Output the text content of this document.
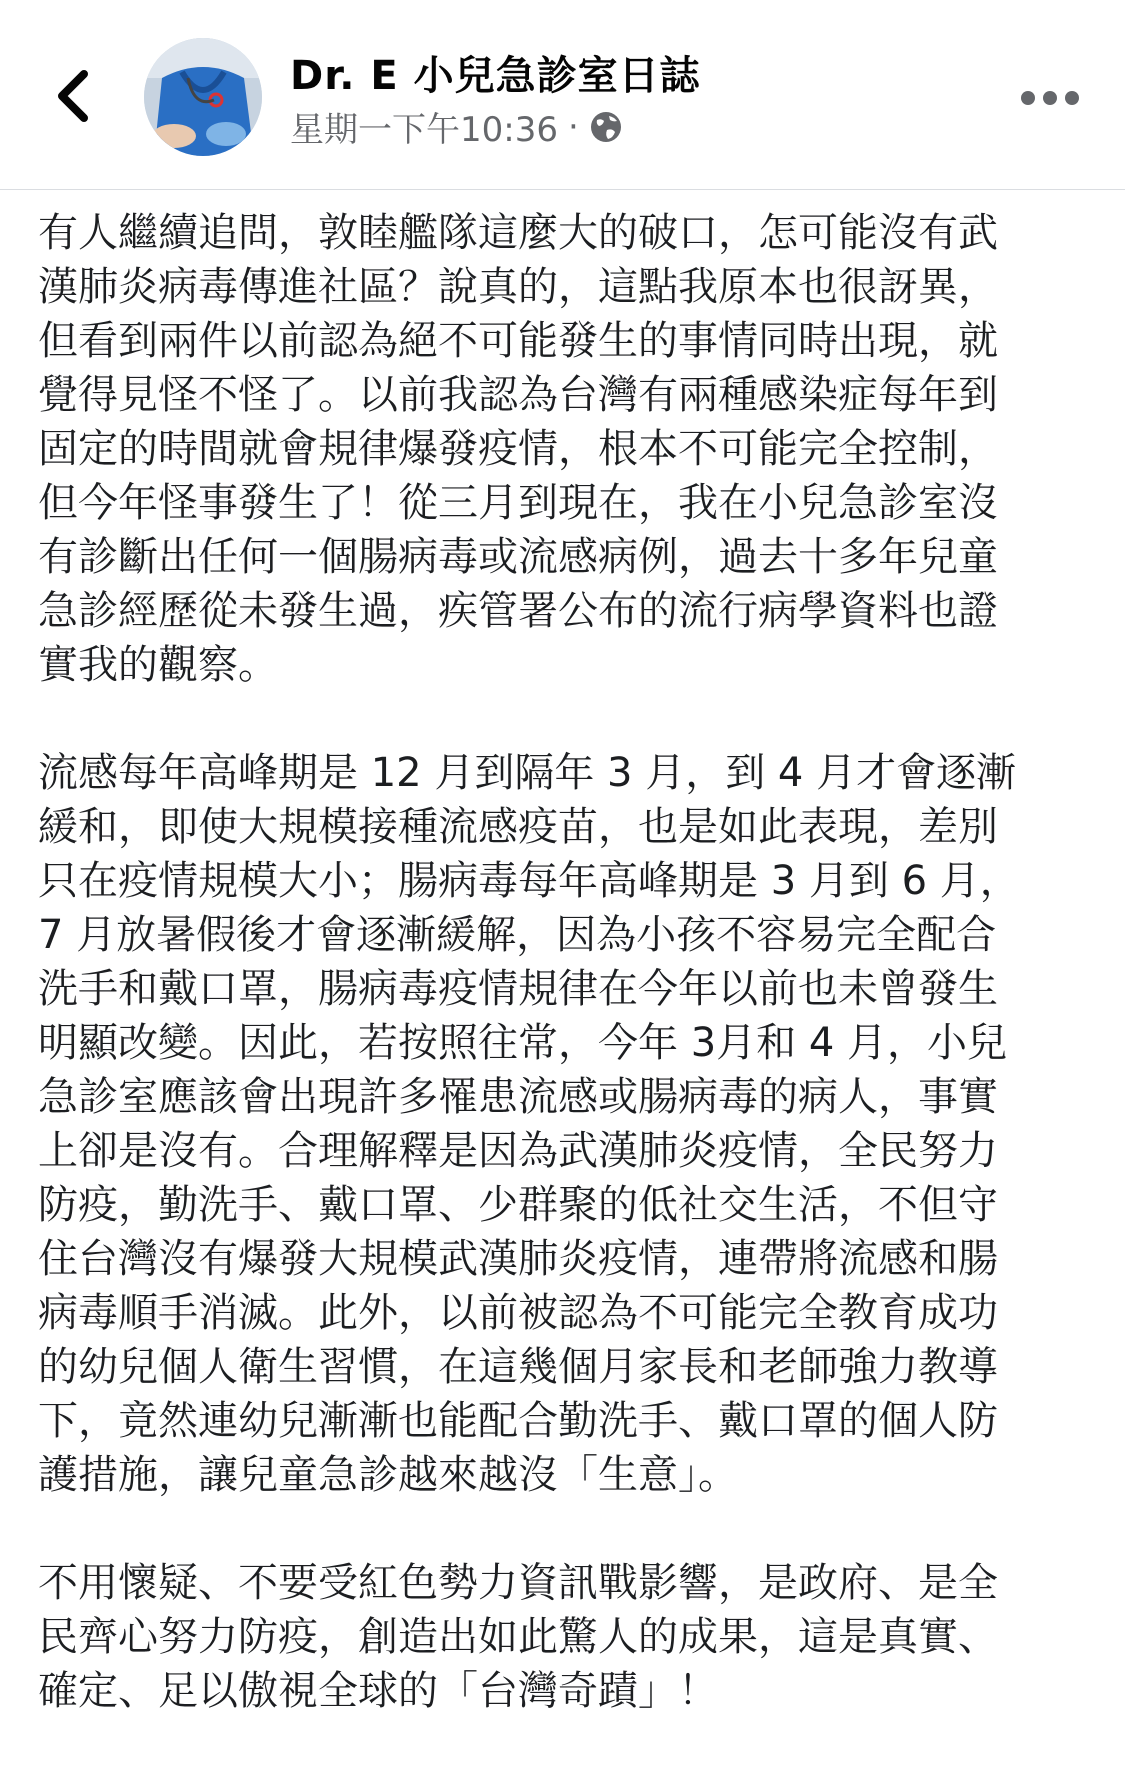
Dr. E 小兒急診室日誌
星期一下午10:36 ·

有人繼續追問，敦睦艦隊這麼大的破口，怎可能沒有武
漢肺炎病毒傳進社區？說真的，這點我原本也很訝異，
但看到兩件以前認為絕不可能發生的事情同時出現，就
覺得見怪不怪了。以前我認為台灣有兩種感染症每年到
固定的時間就會規律爆發疫情，根本不可能完全控制，
但今年怪事發生了！從三月到現在，我在小兒急診室沒
有診斷出任何一個腸病毒或流感病例，過去十多年兒童
急診經歷從未發生過，疾管署公布的流行病學資料也證
實我的觀察。

流感每年高峰期是 12 月到隔年 3 月，到 4 月才會逐漸
緩和，即使大規模接種流感疫苗，也是如此表現，差別
只在疫情規模大小；腸病毒每年高峰期是 3 月到 6 月，
7 月放暑假後才會逐漸緩解，因為小孩不容易完全配合
洗手和戴口罩，腸病毒疫情規律在今年以前也未曾發生
明顯改變。因此，若按照往常，今年 3月和 4 月，小兒
急診室應該會出現許多罹患流感或腸病毒的病人，事實
上卻是沒有。合理解釋是因為武漢肺炎疫情，全民努力
防疫，勤洗手、戴口罩、少群聚的低社交生活，不但守
住台灣沒有爆發大規模武漢肺炎疫情，連帶將流感和腸
病毒順手消滅。此外，以前被認為不可能完全教育成功
的幼兒個人衛生習慣，在這幾個月家長和老師強力教導
下，竟然連幼兒漸漸也能配合勤洗手、戴口罩的個人防
護措施，讓兒童急診越來越沒「生意」。

不用懷疑、不要受紅色勢力資訊戰影響，是政府、是全
民齊心努力防疫，創造出如此驚人的成果，這是真實、
確定、足以傲視全球的「台灣奇蹟」！
